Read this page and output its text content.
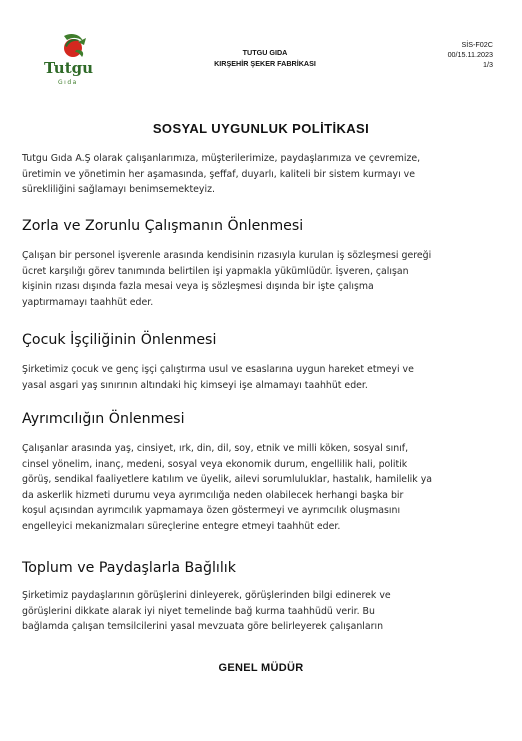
Tutgu
Gıda
TUTGU GIDA
KIRŞEHİR ŞEKER FABRİKASI
SİS-F02C
00/15.11.2023
1/3
SOSYAL UYGUNLUK POLİTİKASI

Tutgu Gıda A.Ş olarak çalışanlarımıza, müşterilerimize, paydaşlarımıza ve çevremize,

üretimin ve yönetimin her aşamasında, şeffaf, duyarlı, kaliteli bir sistem kurmayı ve

sürekliliğini sağlamayı benimsemekteyiz.

Zorla ve Zorunlu Çalışmanın Önlenmesi

Çalışan bir personel işverenle arasında kendisinin rızasıyla kurulan iş sözleşmesi gereği

ücret karşılığı görev tanımında belirtilen işi yapmakla yükümlüdür. İşveren, çalışan

kişinin rızası dışında fazla mesai veya iş sözleşmesi dışında bir işte çalışma

yaptırmamayı taahhüt eder.

Çocuk İşçiliğinin Önlenmesi

Şirketimiz çocuk ve genç işçi çalıştırma usul ve esaslarına uygun hareket etmeyi ve

yasal asgari yaş sınırının altındaki hiç kimseyi işe almamayı taahhüt eder.

Ayrımcılığın Önlenmesi

Çalışanlar arasında yaş, cinsiyet, ırk, din, dil, soy, etnik ve milli köken, sosyal sınıf,

cinsel yönelim, inanç, medeni, sosyal veya ekonomik durum, engellilik hali, politik

görüş, sendikal faaliyetlere katılım ve üyelik, ailevi sorumluluklar, hastalık, hamilelik ya

da askerlik hizmeti durumu veya ayrımcılığa neden olabilecek herhangi başka bir

koşul açısından ayrımcılık yapmamaya özen göstermeyi ve ayrımcılık oluşmasını

engelleyici mekanizmaları süreçlerine entegre etmeyi taahhüt eder.

Toplum ve Paydaşlarla Bağlılık

Şirketimiz paydaşlarının görüşlerini dinleyerek, görüşlerinden bilgi edinerek ve

görüşlerini dikkate alarak iyi niyet temelinde bağ kurma taahhüdü verir. Bu

bağlamda çalışan temsilcilerini yasal mevzuata göre belirleyerek çalışanların

GENEL MÜDÜR
